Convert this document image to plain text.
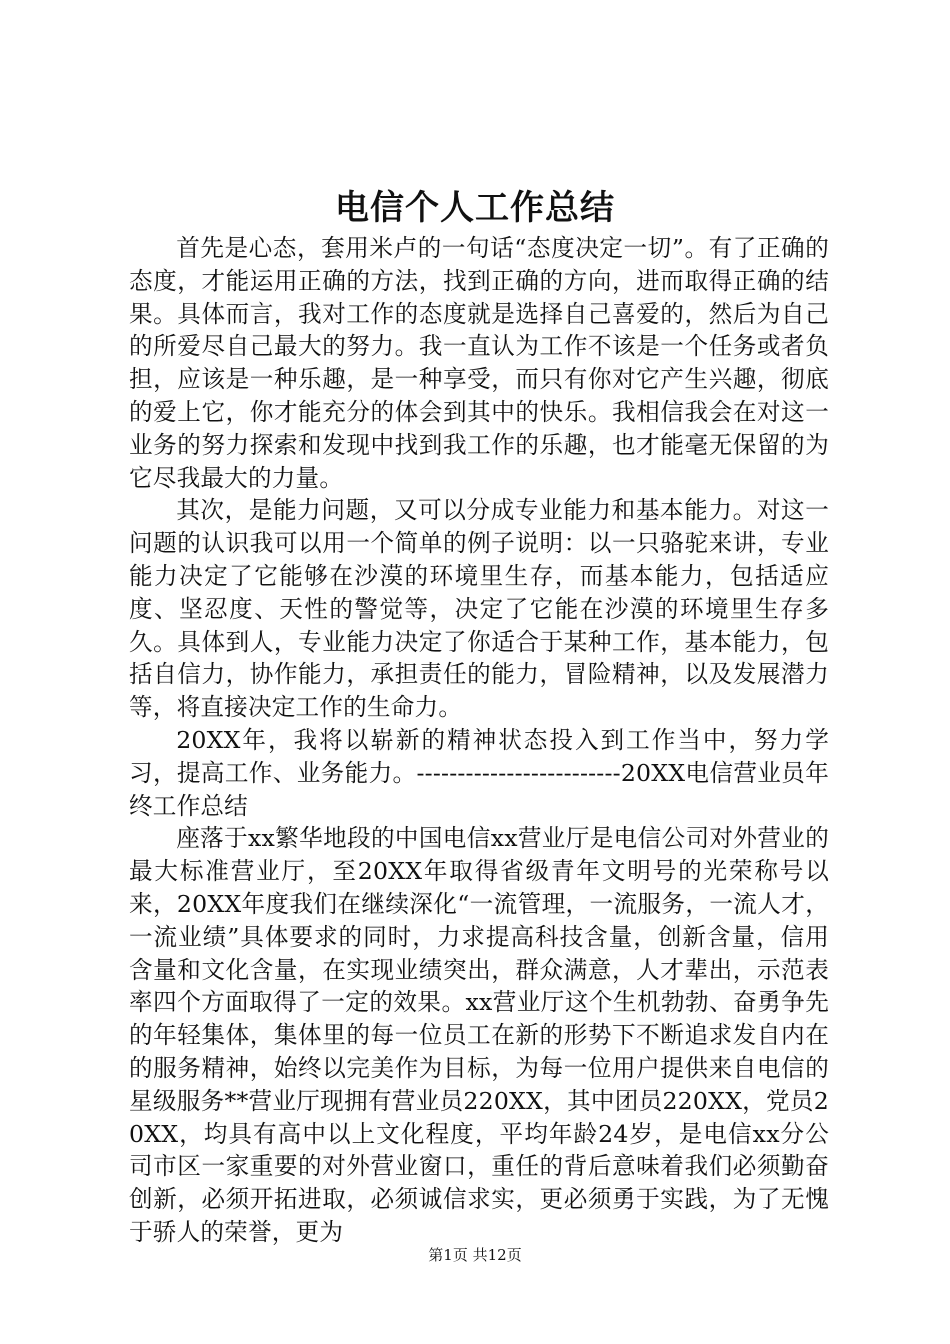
电信个人工作总结

首先是心态，套用米卢的一句话“态度决定一切”。有了正确的态度，才能运用正确的方法，找到正确的方向，进而取得正确的结果。具体而言，我对工作的态度就是选择自己喜爱的，然后为自己的所爱尽自己最大的努力。我一直认为工作不该是一个任务或者负担，应该是一种乐趣，是一种享受，而只有你对它产生兴趣，彻底的爱上它，你才能充分的体会到其中的快乐。我相信我会在对这一业务的努力探索和发现中找到我工作的乐趣，也才能毫无保留的为它尽我最大的力量。

其次，是能力问题，又可以分成专业能力和基本能力。对这一问题的认识我可以用一个简单的例子说明：以一只骆驼来讲，专业能力决定了它能够在沙漠的环境里生存，而基本能力，包括适应度、坚忍度、天性的警觉等，决定了它能在沙漠的环境里生存多久。具体到人，专业能力决定了你适合于某种工作，基本能力，包括自信力，协作能力，承担责任的能力，冒险精神，以及发展潜力等，将直接决定工作的生命力。

20XX年，我将以崭新的精神状态投入到工作当中，努力学习，提高工作、业务能力。-------------------------20XX电信营业员年终工作总结

座落于xx繁华地段的中国电信xx营业厅是电信公司对外营业的最大标准营业厅，至20XX年取得省级青年文明号的光荣称号以来，20XX年度我们在继续深化“一流管理，一流服务，一流人才，一流业绩”具体要求的同时，力求提高科技含量，创新含量，信用含量和文化含量，在实现业绩突出，群众满意，人才辈出，示范表率四个方面取得了一定的效果。xx营业厅这个生机勃勃、奋勇争先的年轻集体，集体里的每一位员工在新的形势下不断追求发自内在的服务精神，始终以完美作为目标，为每一位用户提供来自电信的星级服务**营业厅现拥有营业员220XX，其中团员220XX，党员20XX，均具有高中以上文化程度，平均年龄24岁，是电信xx分公司市区一家重要的对外营业窗口，重任的背后意味着我们必须勤奋创新，必须开拓进取，必须诚信求实，更必须勇于实践，为了无愧于骄人的荣誉，更为

第1页 共12页
